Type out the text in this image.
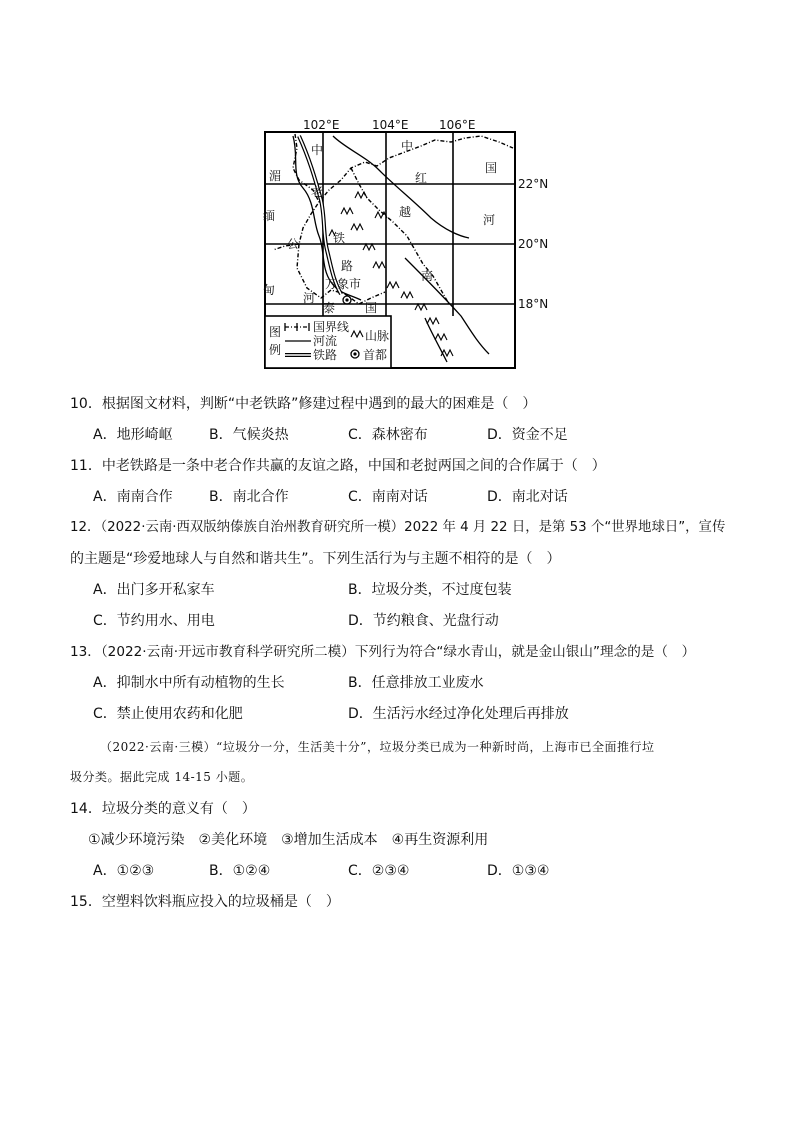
102°E	104°E	106°E
22°N
20°N
18°N
中
老
铁
路
中
国
湄
缅
公
甸
河
红
越
河
南
万象市
泰 国
图
例
国界线
河流
铁路
山脉
首都
10．根据图文材料，判断“中老铁路”修建过程中遇到的最大的困难是（　）
A．地形崎岖	B．气候炎热	C．森林密布	D．资金不足
11．中老铁路是一条中老合作共赢的友谊之路，中国和老挝两国之间的合作属于（　）
A．南南合作	B．南北合作	C．南南对话	D．南北对话
12．（2022·云南·西双版纳傣族自治州教育研究所一模）2022 年 4 月 22 日，是第 53 个“世界地球日”，宣传
的主题是“珍爱地球人与自然和谐共生”。下列生活行为与主题不相符的是（　）
A．出门多开私家车	B．垃圾分类，不过度包装
C．节约用水、用电	D．节约粮食、光盘行动
13．（2022·云南·开远市教育科学研究所二模）下列行为符合“绿水青山，就是金山银山”理念的是（　）
A．抑制水中所有动植物的生长	B．任意排放工业废水
C．禁止使用农药和化肥	D．生活污水经过净化处理后再排放
（2022·云南·三模）“垃圾分一分，生活美十分”，垃圾分类已成为一种新时尚，上海市已全面推行垃
圾分类。据此完成 14-15 小题。
14．垃圾分类的意义有（　）
①减少环境污染　②美化环境　③增加生活成本　④再生资源利用
A．①②③	B．①②④	C．②③④	D．①③④
15．空塑料饮料瓶应投入的垃圾桶是（　）
